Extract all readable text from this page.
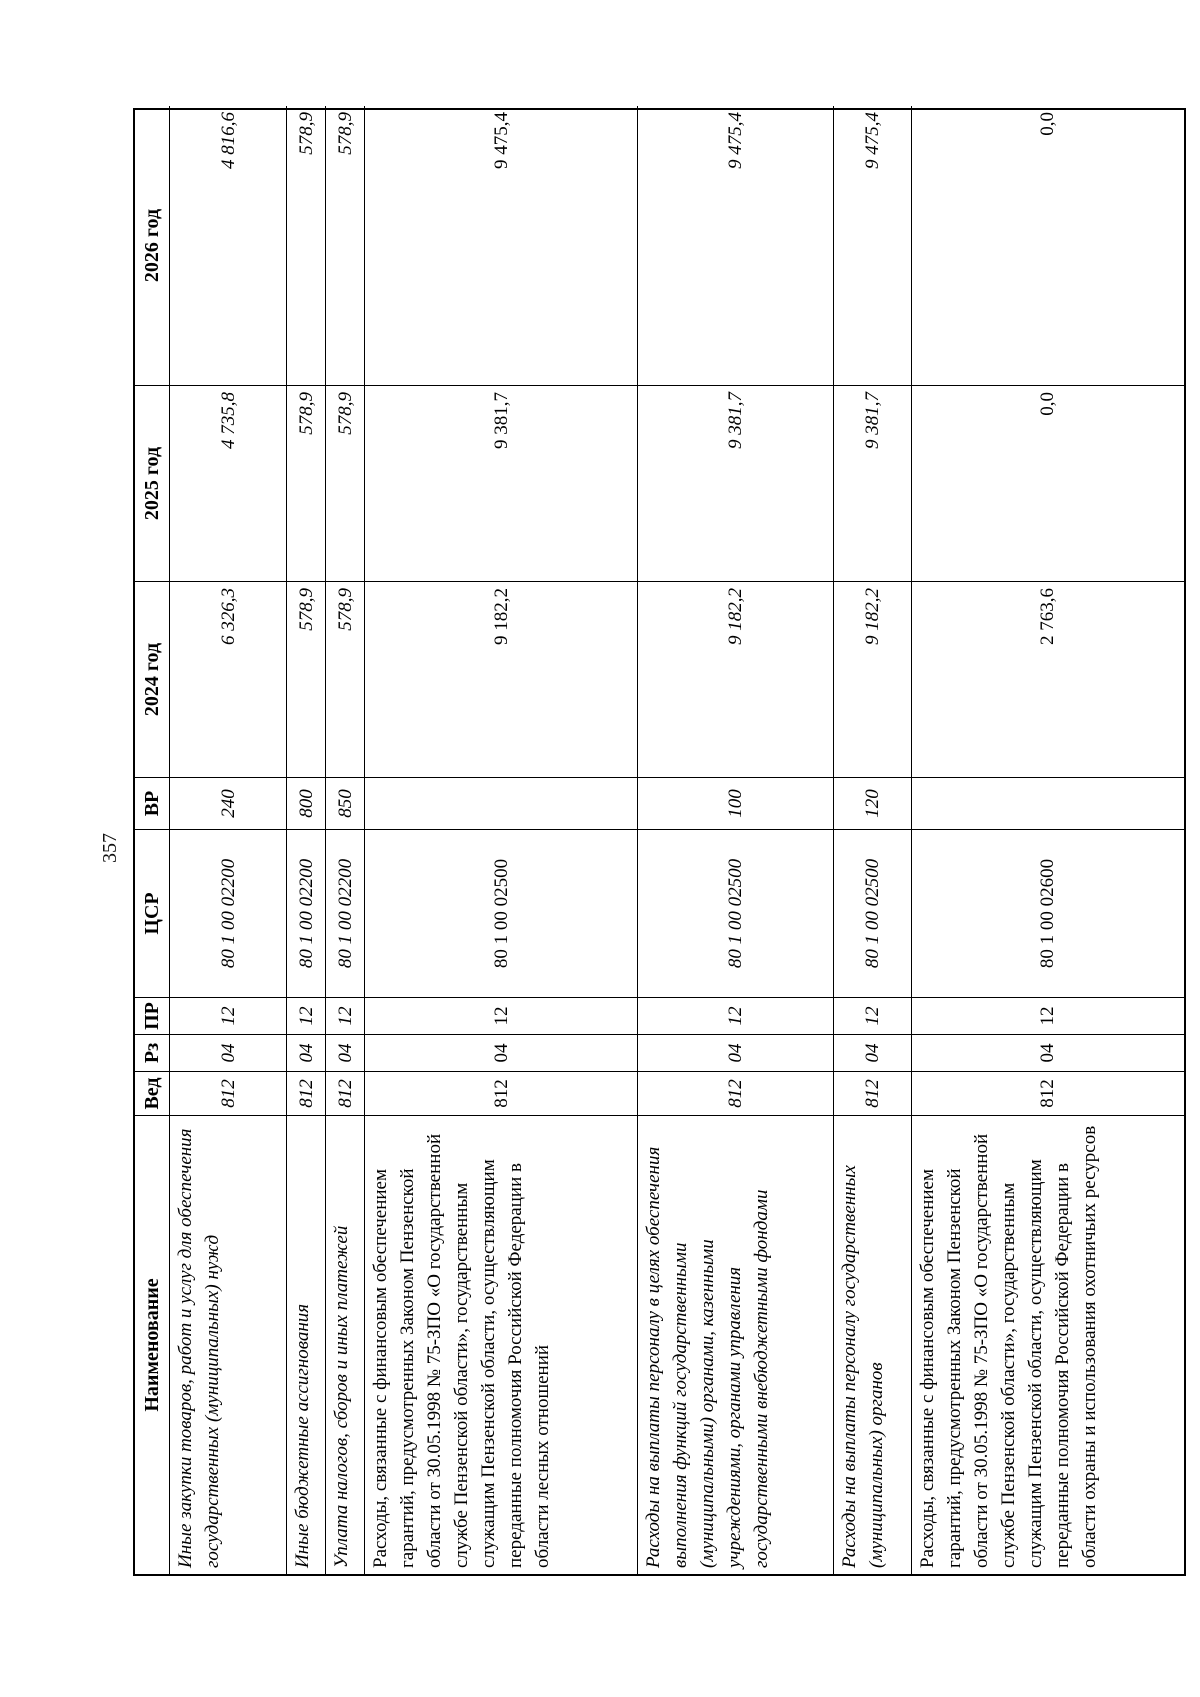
357
Наименование
Вед
Рз
ПР
ЦСР
ВР
2024 год
2025 год
2026 год
Иные закупки товаров, работ и услуг для обеспечения государственных (муниципальных) нужд
812
04
12
80 1 00 02200
240
6 326,3
4 735,8
4 816,6
Иные бюджетные ассигнования
812
04
12
80 1 00 02200
800
578,9
578,9
578,9
Уплата налогов, сборов и иных платежей
812
04
12
80 1 00 02200
850
578,9
578,9
578,9
Расходы, связанные с финансовым обеспечением гарантий, предусмотренных Законом Пензенской области от 30.05.1998 № 75-ЗПО «О государственной службе Пензенской области», государственным служащим Пензенской области, осуществляющим переданные полномочия Российской Федерации в области лесных отношений
812
04
12
80 1 00 02500
9 182,2
9 381,7
9 475,4
Расходы на выплаты персоналу в целях обеспечения выполнения функций государственными (муниципальными) органами, казенными учреждениями, органами управления государственными внебюджетными фондами
812
04
12
80 1 00 02500
100
9 182,2
9 381,7
9 475,4
Расходы на выплаты персоналу государственных (муниципальных) органов
812
04
12
80 1 00 02500
120
9 182,2
9 381,7
9 475,4
Расходы, связанные с финансовым обеспечением гарантий, предусмотренных Законом Пензенской области от 30.05.1998 № 75-ЗПО «О государственной службе Пензенской области», государственным служащим Пензенской области, осуществляющим переданные полномочия Российской Федерации в области охраны и использования охотничьих ресурсов
812
04
12
80 1 00 02600
2 763,6
0,0
0,0
